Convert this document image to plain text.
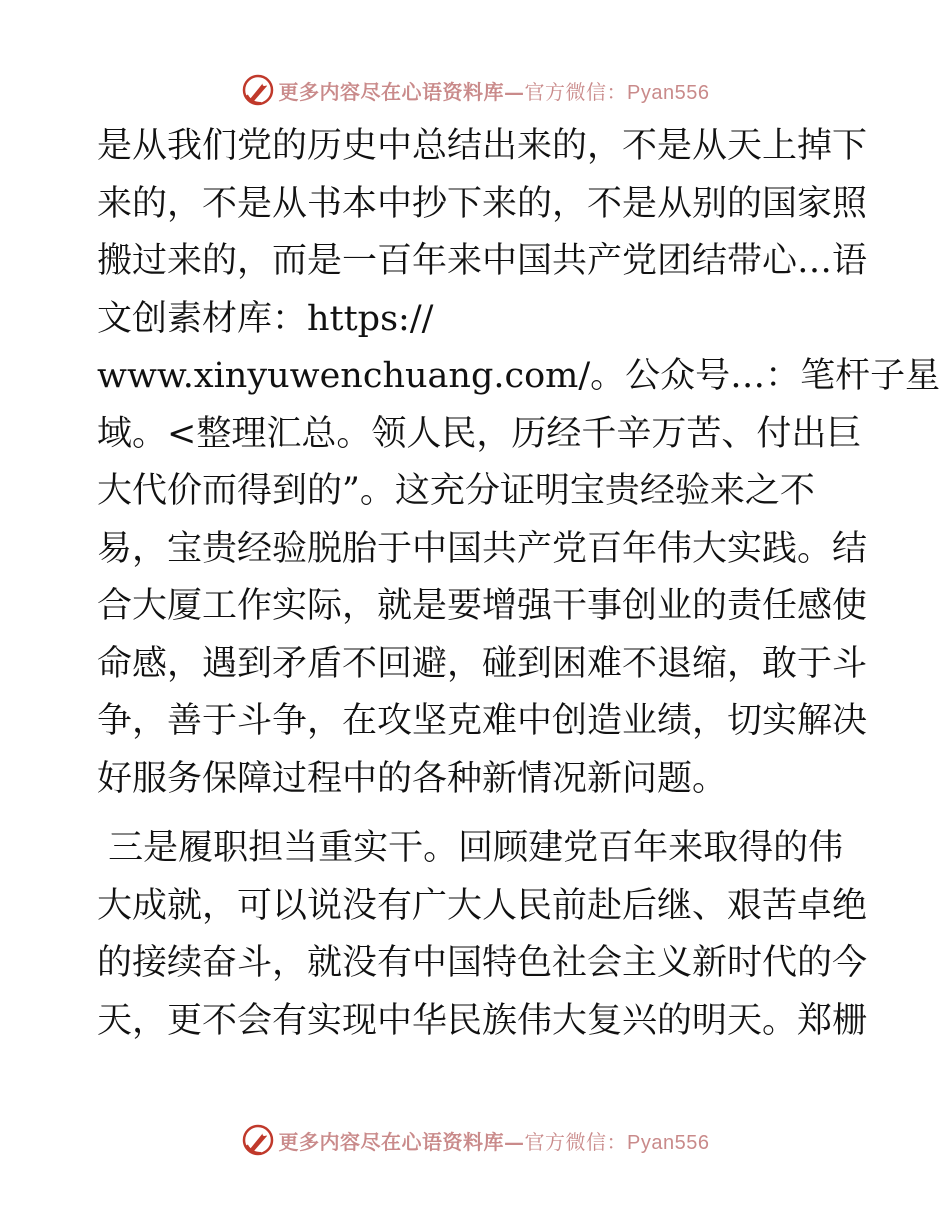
更多内容尽在心语资料库—官方微信：Pyan556
是从我们党的历史中总结出来的，不是从天上掉下
来的，不是从书本中抄下来的，不是从别的国家照
搬过来的，而是一百年来中国共产党团结带心…语
文创素材库：https://
www.xinyuwenchuang.com/。公众号…：笔杆子星
域。<整理汇总。领人民，历经千辛万苦、付出巨
大代价而得到的”。这充分证明宝贵经验来之不
易，宝贵经验脱胎于中国共产党百年伟大实践。结
合大厦工作实际，就是要增强干事创业的责任感使
命感，遇到矛盾不回避，碰到困难不退缩，敢于斗
争，善于斗争，在攻坚克难中创造业绩，切实解决
好服务保障过程中的各种新情况新问题。
三是履职担当重实干。回顾建党百年来取得的伟
大成就，可以说没有广大人民前赴后继、艰苦卓绝
的接续奋斗，就没有中国特色社会主义新时代的今
天，更不会有实现中华民族伟大复兴的明天。郑栅
更多内容尽在心语资料库—官方微信：Pyan556
